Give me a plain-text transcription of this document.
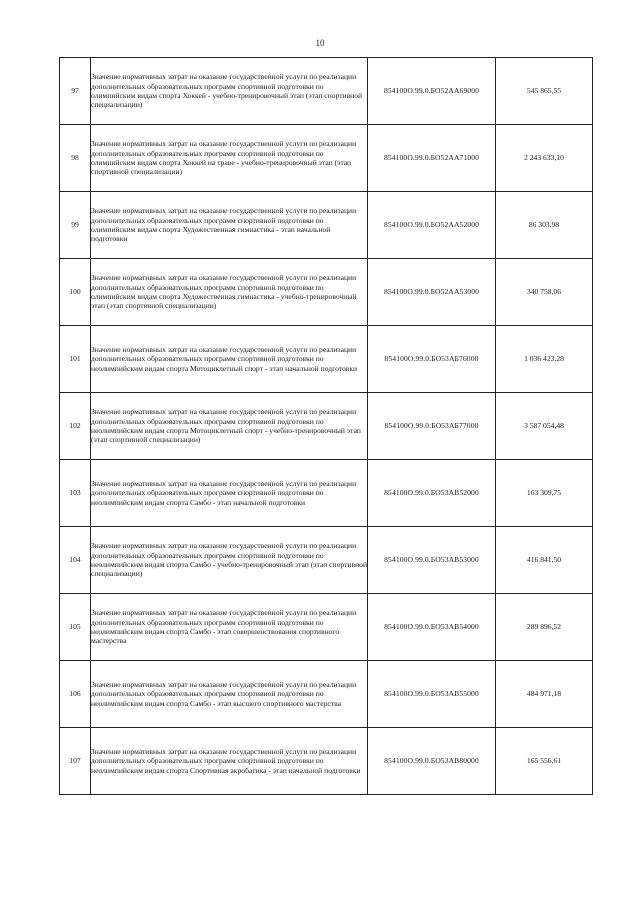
10
97	Значение нормативных затрат на оказание государственной услуги по реализации дополнительных образовательных программ спортивной подготовки по олимпийским видам спорта Хоккей - учебно-тренировочный этап (этап спортивной специализации)	854100О.99.0.БО52АА69000	545 865,55
98	Значение нормативных затрат на оказание государственной услуги по реализации дополнительных образовательных программ спортивной подготовки по олимпийским видам спорта Хоккей на траве - учебно-тренировочный этап (этап спортивной специализации)	854100О.99.0.БО52АА71000	2 243 633,10
99	Значение нормативных затрат на оказание государственной услуги по реализации дополнительных образовательных программ спортивной подготовки по олимпийским видам спорта Художественная гимнастика - этап начальной подготовки	854100О.99.0.БО52АА52000	86 303,98
100	Значение нормативных затрат на оказание государственной услуги по реализации дополнительных образовательных программ спортивной подготовки по олимпийским видам спорта Художественная гимнастика - учебно-тренировочный этап (этап спортивной специализации)	854100О.99.0.БО52АА53000	340 758,06
101	Значение нормативных затрат на оказание государственной услуги по реализации дополнительных образовательных программ спортивной подготовки по неолимпийским видам спорта Мотоциклетный спорт - этап начальной подготовки	854100О.99.0.БО53АБ76000	1 036 423,28
102	Значение нормативных затрат на оказание государственной услуги по реализации дополнительных образовательных программ спортивной подготовки по неолимпийским видам спорта Мотоциклетный спорт - учебно-тренировочный этап (этап спортивной специализации)	854100О.99.0.БО53АБ77000	3 587 054,48
103	Значение нормативных затрат на оказание государственной услуги по реализации дополнительных образовательных программ спортивной подготовки по неолимпийским видам спорта Самбо - этап начальной подготовки	854100О.99.0.БО53АВ52000	163 309,75
104	Значение нормативных затрат на оказание государственной услуги по реализации дополнительных образовательных программ спортивной подготовки по неолимпийским видам спорта Самбо - учебно-тренировочный этап (этап спортивной специализации)	854100О.99.0.БО53АВ53000	416 841,50
105	Значение нормативных затрат на оказание государственной услуги по реализации дополнительных образовательных программ спортивной подготовки по неолимпийским видам спорта Самбо - этап совершенствования спортивного мастерства	854100О.99.0.БО53АВ54000	289 896,52
106	Значение нормативных затрат на оказание государственной услуги по реализации дополнительных образовательных программ спортивной подготовки по неолимпийским видам спорта Самбо - этап высшего спортивного мастерства	854100О.99.0.БО53АВ55000	484 971,18
107	Значение нормативных затрат на оказание государственной услуги по реализации дополнительных образовательных программ спортивной подготовки по неолимпийским видам спорта Спортивная акробатика - этап начальной подготовки	854100О.99.0.БО53АВ80000	165 556,61
